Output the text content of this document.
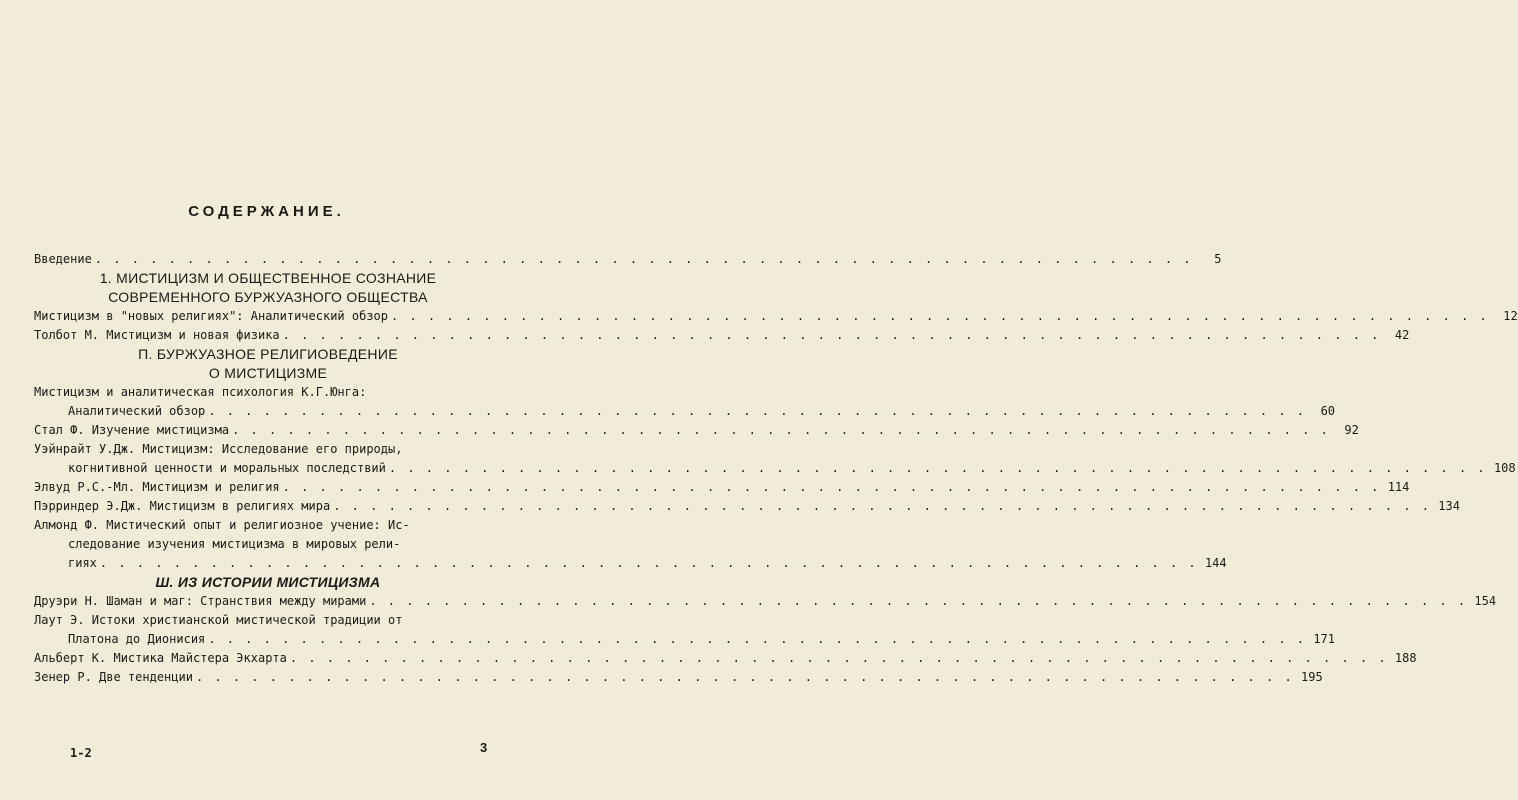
СОДЕРЖАНИЕ.
Введение . . . . . . . . . . . . . . . . . . . . . . . . . . . . . . . . . . . . . . . . . . . . . . . . . . . . . . . . . . . .	5
1. МИСТИЦИЗМ И ОБЩЕСТВЕННОЕ СОЗНАНИЕ
СОВРЕМЕННОГО БУРЖУАЗНОГО ОБЩЕСТВА
Мистицизм в "новых религиях": Аналитический обзор . . . . . . . . . . . . . . . . . . . . . . . . . . . . . . . . . . . . . . . . . . . . . . . . . . . . . . . . . . . .	12
Толбот М. Мистицизм и новая физика . . . . . . . . . . . . . . . . . . . . . . . . . . . . . . . . . . . . . . . . . . . . . . . . . . . . . . . . . . . .	42
П. БУРЖУАЗНОЕ РЕЛИГИОВЕДЕНИЕ
О МИСТИЦИЗМЕ
Мистицизм и аналитическая психология К.Г.Юнга:
Аналитический обзор . . . . . . . . . . . . . . . . . . . . . . . . . . . . . . . . . . . . . . . . . . . . . . . . . . . . . . . . . . . .	60
Стал Ф. Изучение мистицизма . . . . . . . . . . . . . . . . . . . . . . . . . . . . . . . . . . . . . . . . . . . . . . . . . . . . . . . . . . . .	92
Уэйнрайт У.Дж. Мистицизм: Исследование его природы,
когнитивной ценности и моральных последствий . . . . . . . . . . . . . . . . . . . . . . . . . . . . . . . . . . . . . . . . . . . . . . . . . . . . . . . . . . . . 108
Элвуд Р.С.-Мл. Мистицизм и религия . . . . . . . . . . . . . . . . . . . . . . . . . . . . . . . . . . . . . . . . . . . . . . . . . . . . . . . . . . . . 114
Пэрриндер Э.Дж. Мистицизм в религиях мира . . . . . . . . . . . . . . . . . . . . . . . . . . . . . . . . . . . . . . . . . . . . . . . . . . . . . . . . . . . . 134
Алмонд Ф. Мистический опыт и религиозное учение: Ис-
следование изучения мистицизма в мировых рели-
гиях . . . . . . . . . . . . . . . . . . . . . . . . . . . . . . . . . . . . . . . . . . . . . . . . . . . . . . . . . . . . 144
Ш. ИЗ ИСТОРИИ МИСТИЦИЗМА
Друэри Н. Шаман и маг: Странствия между мирами . . . . . . . . . . . . . . . . . . . . . . . . . . . . . . . . . . . . . . . . . . . . . . . . . . . . . . . . . . . . 154
Лаут Э. Истоки христианской мистической традиции от
Платона до Дионисия . . . . . . . . . . . . . . . . . . . . . . . . . . . . . . . . . . . . . . . . . . . . . . . . . . . . . . . . . . . . 171
Альберт К. Мистика Майстера Экхарта . . . . . . . . . . . . . . . . . . . . . . . . . . . . . . . . . . . . . . . . . . . . . . . . . . . . . . . . . . . . 188
Зенер Р. Две тенденции . . . . . . . . . . . . . . . . . . . . . . . . . . . . . . . . . . . . . . . . . . . . . . . . . . . . . . . . . . . . 195
1-2	3
